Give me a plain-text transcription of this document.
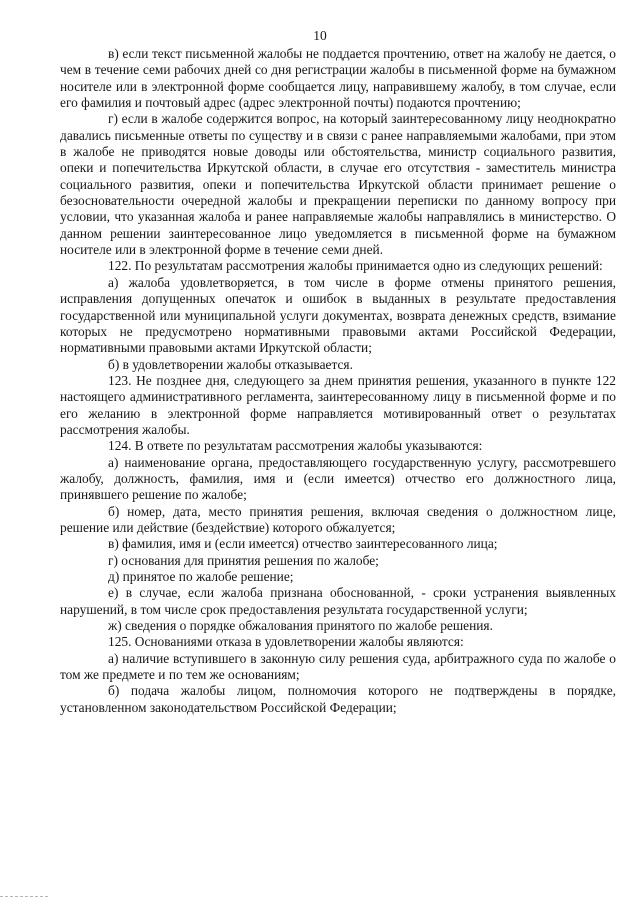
10

в) если текст письменной жалобы не поддается прочтению, ответ на жалобу не дается, о чем в течение семи рабочих дней со дня регистрации жалобы в письменной форме на бумажном носителе или в электронной форме сообщается лицу, направившему жалобу, в том случае, если его фамилия и почтовый адрес (адрес электронной почты) подаются прочтению;

г) если в жалобе содержится вопрос, на который заинтересованному лицу неоднократно давались письменные ответы по существу и в связи с ранее направляемыми жалобами, при этом в жалобе не приводятся новые доводы или обстоятельства, министр социального развития, опеки и попечительства Иркутской области, в случае его отсутствия - заместитель министра социального развития, опеки и попечительства Иркутской области принимает решение о безосновательности очередной жалобы и прекращении переписки по данному вопросу при условии, что указанная жалоба и ранее направляемые жалобы направлялись в министерство. О данном решении заинтересованное лицо уведомляется в письменной форме на бумажном носителе или в электронной форме в течение семи дней.

122. По результатам рассмотрения жалобы принимается одно из следующих решений:

а) жалоба удовлетворяется, в том числе в форме отмены принятого решения, исправления допущенных опечаток и ошибок в выданных в результате предоставления государственной или муниципальной услуги документах, возврата денежных средств, взимание которых не предусмотрено нормативными правовыми актами Российской Федерации, нормативными правовыми актами Иркутской области;

б) в удовлетворении жалобы отказывается.

123. Не позднее дня, следующего за днем принятия решения, указанного в пункте 122 настоящего административного регламента, заинтересованному лицу в письменной форме и по его желанию в электронной форме направляется мотивированный ответ о результатах рассмотрения жалобы.

124. В ответе по результатам рассмотрения жалобы указываются:

а) наименование органа, предоставляющего государственную услугу, рассмотревшего жалобу, должность, фамилия, имя и (если имеется) отчество его должностного лица, принявшего решение по жалобе;

б) номер, дата, место принятия решения, включая сведения о должностном лице, решение или действие (бездействие) которого обжалуется;

в) фамилия, имя и (если имеется) отчество заинтересованного лица;

г) основания для принятия решения по жалобе;

д) принятое по жалобе решение;

е) в случае, если жалоба признана обоснованной, - сроки устранения выявленных нарушений, в том числе срок предоставления результата государственной услуги;

ж) сведения о порядке обжалования принятого по жалобе решения.

125. Основаниями отказа в удовлетворении жалобы являются:

а) наличие вступившего в законную силу решения суда, арбитражного суда по жалобе о том же предмете и по тем же основаниям;

б) подача жалобы лицом, полномочия которого не подтверждены в порядке, установленном законодательством Российской Федерации;
